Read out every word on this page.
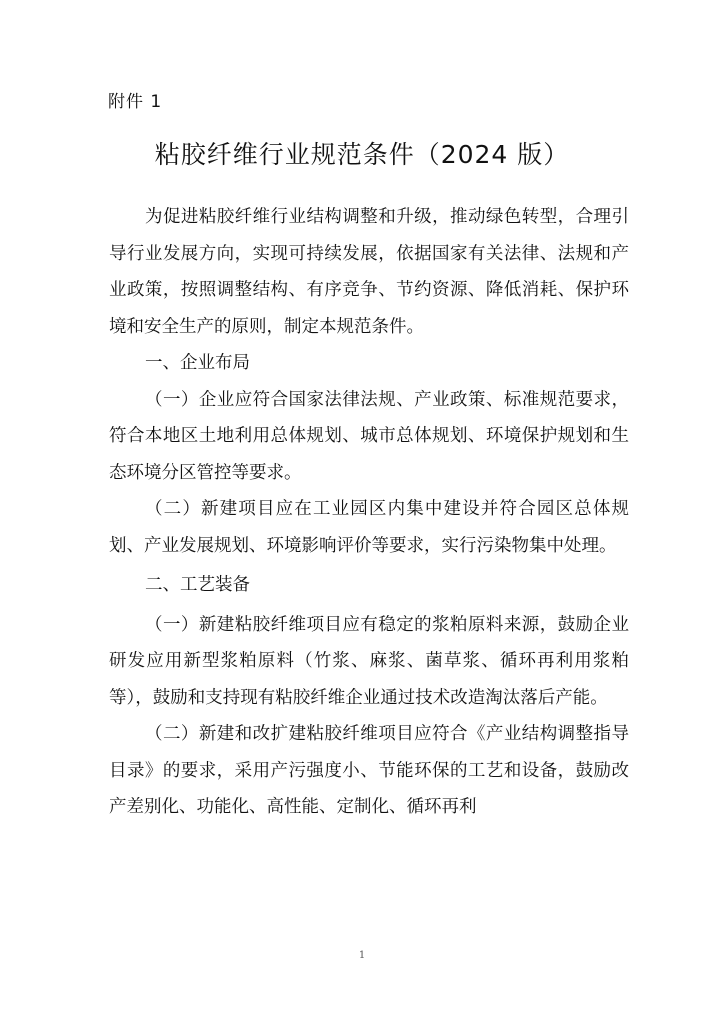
附件 1
粘胶纤维行业规范条件（2024 版）

为促进粘胶纤维行业结构调整和升级，推动绿色转型，合理引导行业发展方向，实现可持续发展，依据国家有关法律、法规和产业政策，按照调整结构、有序竞争、节约资源、降低消耗、保护环境和安全生产的原则，制定本规范条件。

一、企业布局

（一）企业应符合国家法律法规、产业政策、标准规范要求，符合本地区土地利用总体规划、城市总体规划、环境保护规划和生态环境分区管控等要求。

（二）新建项目应在工业园区内集中建设并符合园区总体规划、产业发展规划、环境影响评价等要求，实行污染物集中处理。

二、工艺装备

（一）新建粘胶纤维项目应有稳定的浆粕原料来源，鼓励企业研发应用新型浆粕原料（竹浆、麻浆、菌草浆、循环再利用浆粕等），鼓励和支持现有粘胶纤维企业通过技术改造淘汰落后产能。

（二）新建和改扩建粘胶纤维项目应符合《产业结构调整指导目录》的要求，采用产污强度小、节能环保的工艺和设备，鼓励改产差别化、功能化、高性能、定制化、循环再利

1
